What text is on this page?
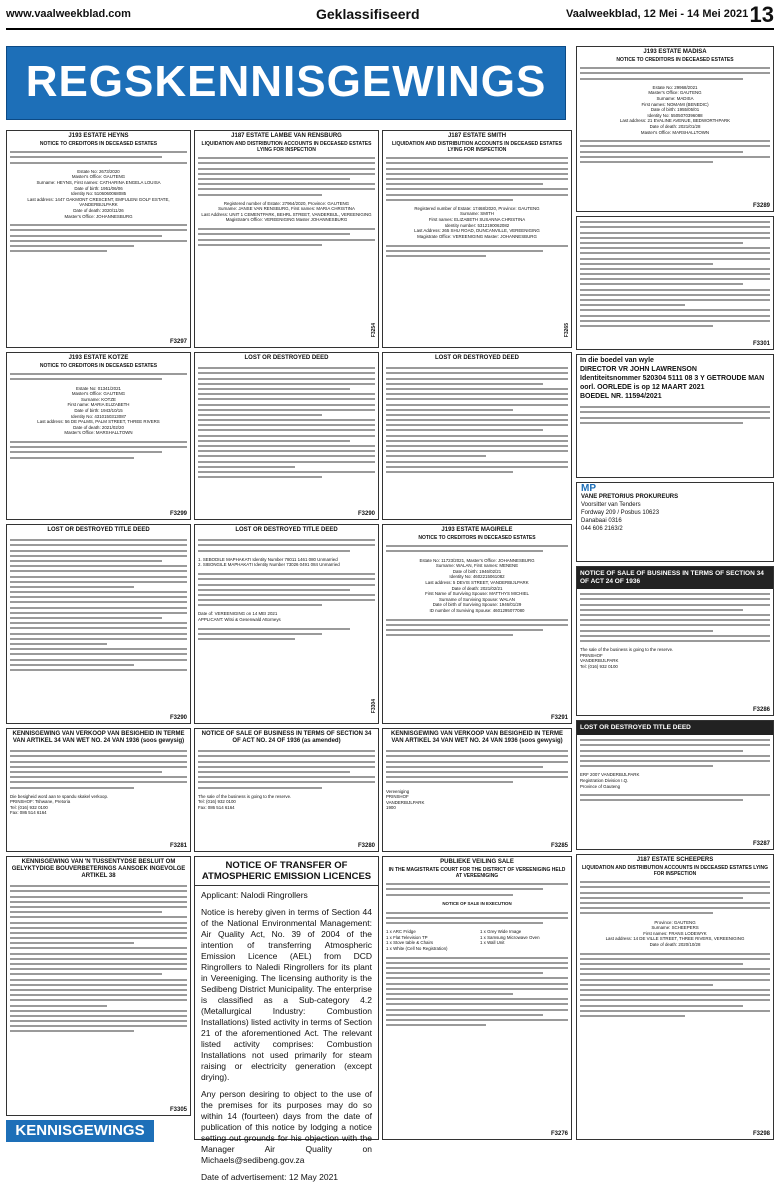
www.vaalweekblad.com	Geklassifiseerd	Vaalweekblad, 12 Mei - 14 Mei 2021 13
REGSKENNISGEWINGS
J193 ESTATE HEYNS
NOTICE TO CREDITORS IN DECEASED ESTATES
Estate No: 2673/2020
Master's Office: GAUTENG
Surname: HEYNS, First names: CATHARINA ENGELA LOUISA
Date of birth: 1951/06/06
Identity No: 5106060068085
Last address: 1447 OAKMONT CRESCENT, EMFULENI GOLF ESTATE, VANDERBIJLPARK
Date of death: 2020/11/26
Master's Office: JOHANNESBURG
F3297
J187 ESTATE LAMBE VAN RENSBURG
LIQUIDATION AND DISTRIBUTION ACCOUNTS IN DECEASED ESTATES LYING FOR INSPECTION
Registered number of Estate: 27964/2020, Province: GAUTENG
Surname: JANSE VAN RENSBURG, First names: MARIA CHRISTINA
Last Address: UNIT 1 CEMENTPARK, BEHRL STREET, VANDERBIJL, VEREENIGING
Magistrate's Office: VEREENIGING Master JOHANNESBURG
F3254
J187 ESTATE SMITH
LIQUIDATION AND DISTRIBUTION ACCOUNTS IN DECEASED ESTATES LYING FOR INSPECTION
Registered number of Estate: 17468/2020, Province: GAUTENG
Surname: SMITH
First names: ELIZABETH SUSANNA CHRISTINA
Identity number: 5312190062082
Last Address: 265 SHU ROAD, DUNCANVILLE, VEREENIGING
Magistrate Office: VEREENIGING Master: JOHANNESBURG
F3265
J193 ESTATE MADISA
NOTICE TO CREDITORS IN DECEASED ESTATES
Estate No: 29968/2021
Master's Office: GAUTENG
Surname: MADISA
First names: NOMAMI (BENEDIC)
Date of birth: 1955/05/01
Identity No: 5505070396088
Last address: 21 EVALINE AVENUE, BEDWORTHPARK
Date of death: 2021/01/28
Master's Office: MARSHALLTOWN
F3289
F3301
In die boedel van wyle
DIRECTOR VR JOHN LAWRENSON
Identiteitsnommer 520304 5111 08 3 Y GETROUDE MAN
oorl. OORLEDE is op 12 MAART 2021
BOEDEL NR. 11594/2021
MP
VANE PRETORIUS PROKUREURS
Voorsitter van Tenders
Fordway 209 / Posbus 10623
Danabaai 0316
044 606 2163/2
NOTICE OF SALE OF BUSINESS IN TERMS OF SECTION 34 OF ACT 24 OF 1936
The sale of the business is going to the reserve.
PRINSHOF
VANDERBIJLPARK
Tel: (016) 932 0100
F3286
LOST OR DESTROYED TITLE DEED
ERF 2007 VANDERBIJLPARK
Registration Division I.Q.
Province of Gauteng
F3287
J187 ESTATE SCHEEPERS
LIQUIDATION AND DISTRIBUTION ACCOUNTS IN DECEASED ESTATES LYING FOR INSPECTION
Province: GAUTENG
Surname: SCHEEPERS
First names: FRANS LODEWYK
Last address: 14 DE VILLE STREET, THREE RIVERS, VEREENIGING
Date of death: 2020/10/28
F3298
J193 ESTATE KOTZE
NOTICE TO CREDITORS IN DECEASED ESTATES
Estate No: 01341/2021
Master's Office: GAUTENG
Surname: KOTZE
First name: MARIA ELIZABETH
Date of birth: 1943/10/15
Identity No: 4310150313087
Last address: 56 DE PALMS, PALM STREET, THREE RIVERS
Date of death: 2021/02/20
Master's Office: MARSHALLTOWN
F3299
LOST OR DESTROYED DEED
F3290
LOST OR DESTROYED DEED
LOST OR DESTROYED TITLE DEED
F3290
LOST OR DESTROYED TITLE DEED
1. SEBODILE MAPHAKATI Identity Number 78011 1461 080 Unmarried
2. SIBONGILE MAPHAKATI Identity Number 73026 0491 084 Unmarried
Date of: VEREENIGING on 14 MEI 2021
APPLICANT: Witsi & Gesenwald Attorneys
F3304
J193 ESTATE MAGIRELE
NOTICE TO CREDITORS IN DECEASED ESTATES
Estate No: 11723/2021, Master's Office: JOHANNESBURG
Surname: WALAN, First names: MENENE
Date of birth: 1946/02/21
Identity No: 4602215061082
Last address: 5 DEVIS STREET, VANDERBIJLPARK
Date of death: 2021/02/21
First Name of Surviving Spouse: MATTHYS MICHIEL
Surname of Surviving Spouse: WALAN
Date of birth of Surviving Spouse: 1946/01/29
ID number of Surviving Spouse: 4601295077080
F3291
KENNISGEWING VAN VERKOOP VAN BESIGHEID IN TERME VAN ARTIKEL 34 VAN WET NO. 24 VAN 1936 (soos gewysig)
Die besigheid word aan te spandu skakel verkoop.
PRINSHOF: Tshwane, Pretoria
Tel: (016) 932 0100
Fax: 086 514 6164
F3281
NOTICE OF SALE OF BUSINESS IN TERMS OF SECTION 34 OF ACT NO. 24 OF 1936 (as amended)
The sale of the business is going to the reserve.
Tel: (016) 932 0100
Fax: 086 514 6164
F3280
KENNISGEWING VAN VERKOOP VAN BESIGHEID IN TERME VAN ARTIKEL 34 VAN WET NO. 24 VAN 1936 (soos gewysig)
Vereeniging
PRINSHOF
VANDERBIJLPARK
1900
F3285
KENNISGEWING VAN 'N TUSSENTYDSE BESLUIT OM GELYKTYDIGE BOUVERBETERINGS AANSOEK INGEVOLGE ARTIKEL 38
F3305
NOTICE OF TRANSFER OF ATMOSPHERIC EMISSION LICENCES
Applicant: Nalodi Ringrollers
Notice is hereby given in terms of Section 44 of the National Environmental Management: Air Quality Act, No. 39 of 2004 of the intention of transferring Atmospheric Emission Licence (AEL) from DCD Ringrollers to Naledi Ringrollers for its plant in Vereeniging. The licensing authority is the Sedibeng District Municipality. The enterprise is classified as a Sub-category 4.2 (Metallurgical Industry: Combustion Installations) listed activity in terms of Section 21 of the aforementioned Act. The relevant listed activity comprises: Combustion Installations not used primarily for steam raising or electricity generation (except drying).
Any person desiring to object to the use of the premises for its purposes may do so within 14 (fourteen) days from the date of publication of this notice by lodging a notice setting out grounds for his objection with the Manager Air Quality on Michaels@sedibeng.gov.za
Date of advertisement: 12 May 2021
PUBLIEKE VEILING SALE
IN THE MAGISTRATE COURT FOR THE DISTRICT OF VEREENIGING HELD AT VEREENIGING
NOTICE OF SALE IN EXECUTION
1 x ARC Fridge
1 x Flat Television TP
1 x Stove table & Chairs
1 x White (Cell No Registration)
1 x Grey Wide Image
1 x Samsung Microwave Oven
1 x Wall Unit
F3276
KENNISGEWINGS
